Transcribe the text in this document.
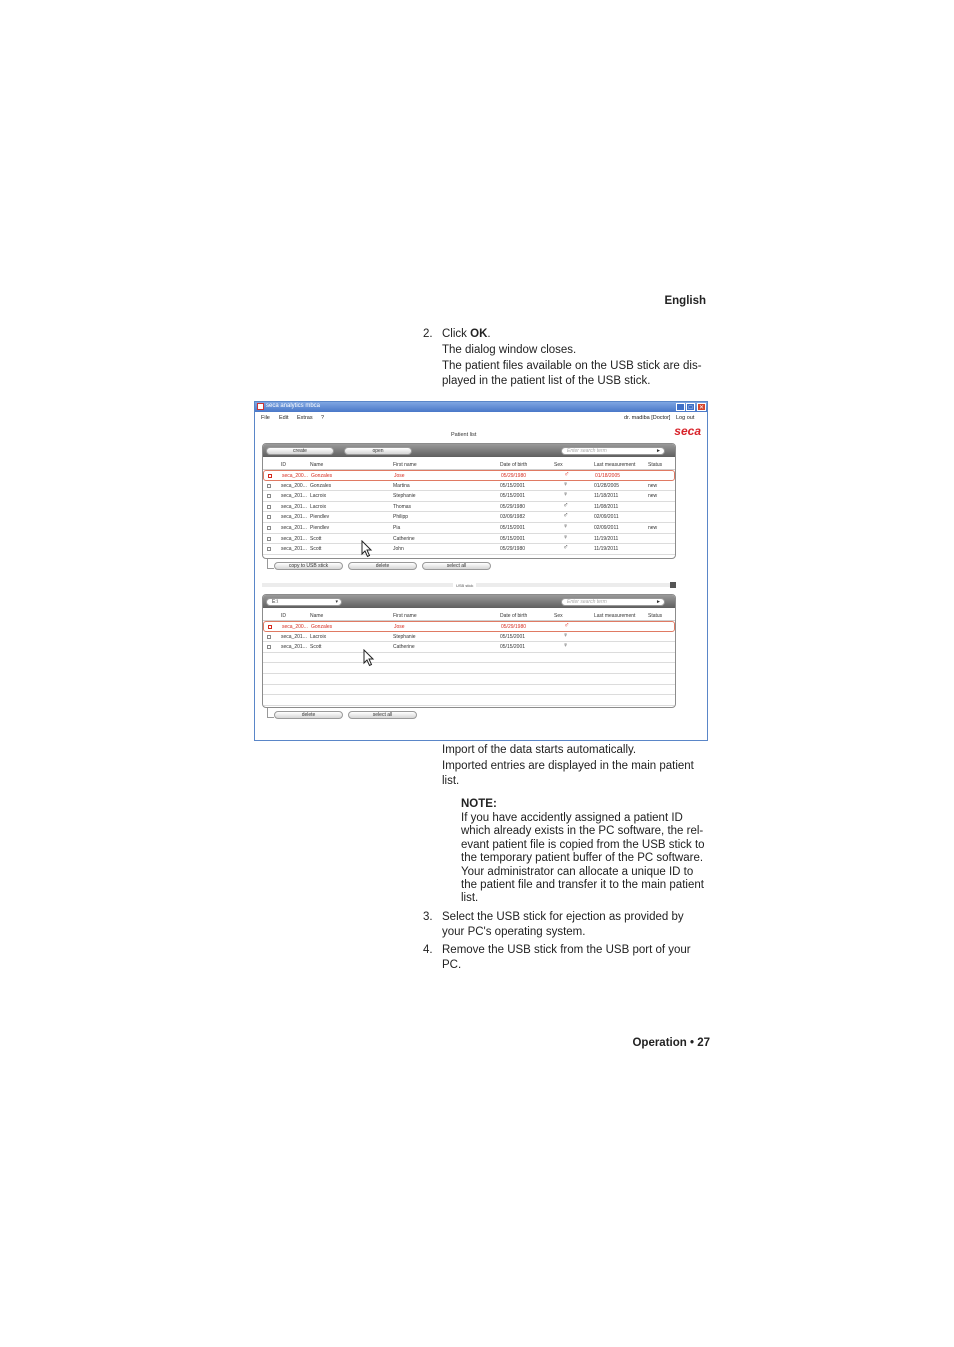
English
2. Click OK.
The dialog window closes.
The patient files available on the USB stick are dis-
played in the patient list of the USB stick.
seca analytics mbca	_	□	✕
File Edit Extras ?	dr. madiba [Doctor] Log out
seca
Patient list
create	open	Enter search term	►
ID	Name	First name	Date of birth	Sex	Last measurement	Status
seca_200... Gonzales	Jose	05/29/1980	♂	01/18/2005
seca_200... Gonzales	Martina	05/15/2001	♀	01/28/2005	new
seca_201... Lacroix	Stephanie	05/15/2001	♀	11/18/2011	new
seca_201... Lacroix	Thomas	05/29/1980	♂	11/08/2011
seca_201... Piendlev	Philipp	03/09/1982	♂	02/09/2011
seca_201... Piendlev	Pia	05/15/2001	♀	02/09/2011	new
seca_201... Scott	Catherine	05/15/2001	♀	11/19/2011
seca_201... Scott	John	05/29/1980	♂	11/19/2011
copy to USB stick	delete	select all
USB stick
E:\	▾	Enter search term	►
ID	Name	First name	Date of birth	Sex	Last measurement	Status
seca_200... Gonzales	Jose	05/29/1980	♂
seca_201... Lacroix	Stephanie	05/15/2001	♀
seca_201... Scott	Catherine	05/15/2001	♀
delete	select all
Import of the data starts automatically.
Imported entries are displayed in the main patient
list.
NOTE:
If you have accidently assigned a patient ID
which already exists in the PC software, the rel-
evant patient file is copied from the USB stick to
the temporary patient buffer of the PC software.
Your administrator can allocate a unique ID to
the patient file and transfer it to the main patient
list.
3. Select the USB stick for ejection as provided by
your PC's operating system.
4. Remove the USB stick from the USB port of your
PC.
Operation • 27
